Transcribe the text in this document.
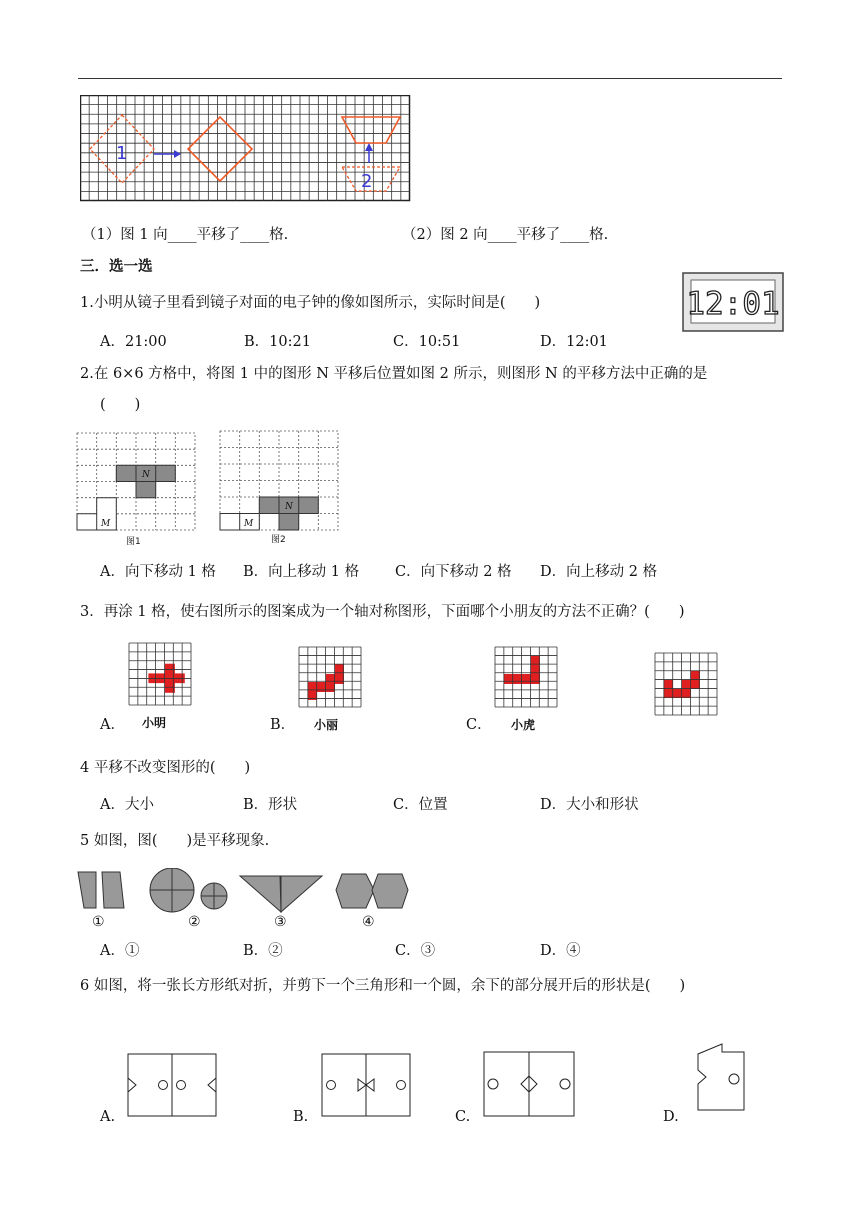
1
2
（1）图 1 向____平移了____格.	（2）图 2 向____平移了____格.
三．选一选
1.小明从镜子里看到镜子对面的电子钟的像如图所示，实际时间是(　　)	12:01
A．21:00	B．10:21	C．10:51	D．12:01
2.在 6×6 方格中，将图 1 中的图形 N 平移后位置如图 2 所示，则图形 N 的平移方法中正确的是
(　　)
N
M
图1
N
M
图2
A．向下移动 1 格 B．向上移动 1 格 C．向下移动 2 格 D．向上移动 2 格
3．再涂 1 格，使右图所示的图案成为一个轴对称图形，下面哪个小朋友的方法不正确？(　　)
A． 小明	B． 小丽	C． 小虎
4 平移不改变图形的(　　)
A．大小	B．形状	C．位置	D．大小和形状
5 如图，图(　　)是平移现象.
①	②	③	④
A．①	B．②	C．③	D．④
6 如图，将一张长方形纸对折，并剪下一个三角形和一个圆，余下的部分展开后的形状是(　　)
A.	B.	C.	D.
